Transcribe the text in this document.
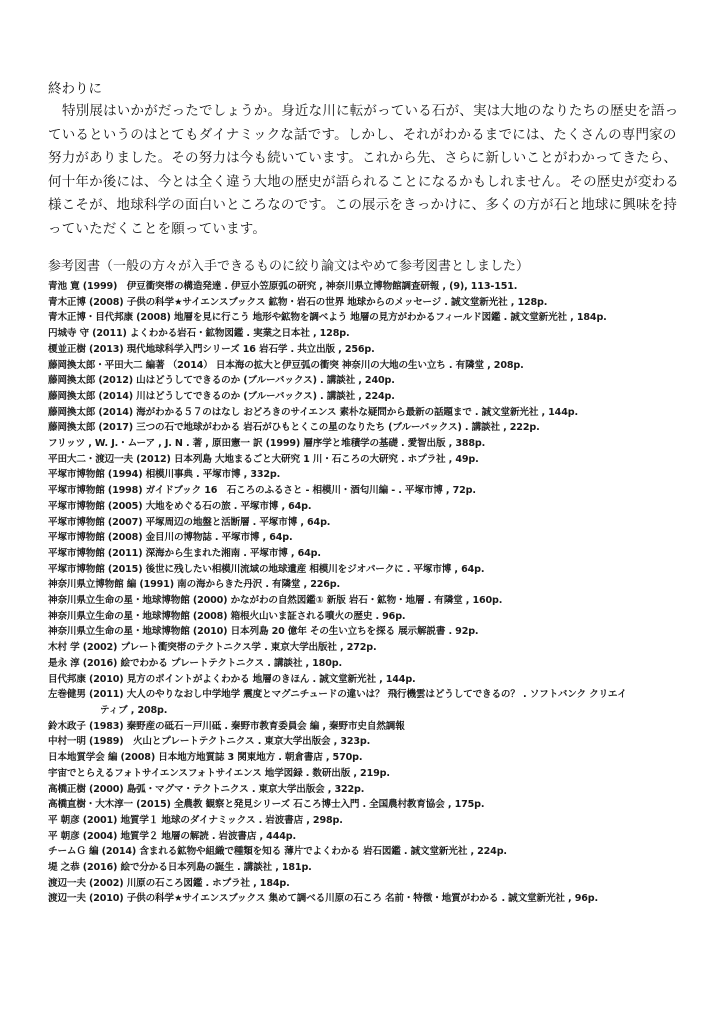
終わりに

特別展はいかがだったでしょうか。身近な川に転がっている石が、実は大地のなりたちの歴史を語っているというのはとてもダイナミックな話です。しかし、それがわかるまでには、たくさんの専門家の努力がありました。その努力は今も続いています。これから先、さらに新しいことがわかってきたら、何十年か後には、今とは全く違う大地の歴史が語られることになるかもしれません。その歴史が変わる様こそが、地球科学の面白いところなのです。この展示をきっかけに、多くの方が石と地球に興味を持っていただくことを願っています。

参考図書（一般の方々が入手できるものに絞り論文はやめて参考図書としました）
青池 寛 (1999)　伊豆衝突帯の構造発達 . 伊豆小笠原弧の研究 , 神奈川県立博物館調査研報 , (9), 113-151.
青木正博 (2008) 子供の科学★サイエンスブックス 鉱物・岩石の世界 地球からのメッセージ . 誠文堂新光社 , 128p.
青木正博・目代邦康 (2008) 地層を見に行こう 地形や鉱物を調べよう 地層の見方がわかるフィールド図鑑 . 誠文堂新光社 , 184p.
円城寺 守 (2011) よくわかる岩石・鉱物図鑑 . 実業之日本社 , 128p.
榎並正樹 (2013) 現代地球科学入門シリーズ 16 岩石学 . 共立出版 , 256p.
藤岡換太郎・平田大二 編著 （2014） 日本海の拡大と伊豆弧の衝突 神奈川の大地の生い立ち . 有隣堂 , 208p.
藤岡換太郎 (2012) 山はどうしてできるのか (ブルーバックス) . 講談社 , 240p.
藤岡換太郎 (2014) 川はどうしてできるのか (ブルーバックス) . 講談社 , 224p.
藤岡換太郎 (2014) 海がわかる５７のはなし おどろきのサイエンス 素朴な疑問から最新の話題まで . 誠文堂新光社 , 144p.
藤岡換太郎 (2017) 三つの石で地球がわかる 岩石がひもとくこの星のなりたち (ブルーバックス) . 講談社 , 222p.
フリッツ , W. J.・ムーア , J. N . 著 , 原田憲一 訳 (1999) 層序学と堆積学の基礎 . 愛智出版 , 388p.
平田大二・渡辺一夫 (2012) 日本列島 大地まるごと大研究 1 川・石ころの大研究 . ホプラ社 , 49p.
平塚市博物館 (1994) 相模川事典 . 平塚市博 , 332p.
平塚市博物館 (1998) ガイドブック 16　石ころのふるさと - 相模川・酒匂川編 - . 平塚市博 , 72p.
平塚市博物館 (2005) 大地をめぐる石の旅 . 平塚市博 , 64p.
平塚市博物館 (2007) 平塚周辺の地盤と活断層 . 平塚市博 , 64p.
平塚市博物館 (2008) 金目川の博物誌 . 平塚市博 , 64p.
平塚市博物館 (2011) 深海から生まれた湘南 . 平塚市博 , 64p.
平塚市博物館 (2015) 後世に残したい相模川流域の地球遺産 相模川をジオパークに . 平塚市博 , 64p.
神奈川県立博物館 編 (1991) 南の海からきた丹沢 . 有隣堂 , 226p.
神奈川県立生命の星・地球博物館 (2000) かながわの自然図鑑① 新版 岩石・鉱物・地層 . 有隣堂 , 160p.
神奈川県立生命の星・地球博物館 (2008) 箱根火山いま証される噴火の歴史 . 96p.
神奈川県立生命の星・地球博物館 (2010) 日本列島 20 億年 その生い立ちを探る 展示解説書 . 92p.
木村 学 (2002) プレート衝突帯のテクトニクス学 . 東京大学出版社 , 272p.
是永 淳 (2016) 絵でわかる プレートテクトニクス . 講談社 , 180p.
目代邦康 (2010) 見方のポイントがよくわかる 地層のきほん . 誠文堂新光社 , 144p.
左巻健男 (2011) 大人のやりなおし中学地学 震度とマグニチュードの違いは？ 飛行機雲はどうしてできるの？ . ソフトバンク クリエイ
ティブ , 208p.
鈴木政子 (1983) 秦野産の砥石－戸川砥 . 秦野市教育委員会 編 , 秦野市史自然調報
中村一明 (1989)　火山とプレートテクトニクス . 東京大学出版会 , 323p.
日本地質学会 編 (2008) 日本地方地質誌 3 関東地方 . 朝倉書店 , 570p.
宇宙でとらえるフォトサイエンスフォトサイエンス 地学図録 . 数研出版 , 219p.
高橋正樹 (2000) 島弧・マグマ・テクトニクス . 東京大学出版会 , 322p.
高橋直樹・大木淳一 (2015) 全農教 観察と発見シリーズ 石ころ博士入門 . 全国農村教育協会 , 175p.
平 朝彦 (2001) 地質学１ 地球のダイナミックス . 岩波書店 , 298p.
平 朝彦 (2004) 地質学２ 地層の解読 . 岩波書店 , 444p.
チームＧ 編 (2014) 含まれる鉱物や組織で種類を知る 薄片でよくわかる 岩石図鑑 . 誠文堂新光社 , 224p.
堤 之恭 (2016) 絵で分かる日本列島の誕生 . 講談社 , 181p.
渡辺一夫 (2002) 川原の石ころ図鑑 . ホプラ社 , 184p.
渡辺一夫 (2010) 子供の科学★サイエンスブックス 集めて調べる川原の石ころ 名前・特徴・地質がわかる . 誠文堂新光社 , 96p.
